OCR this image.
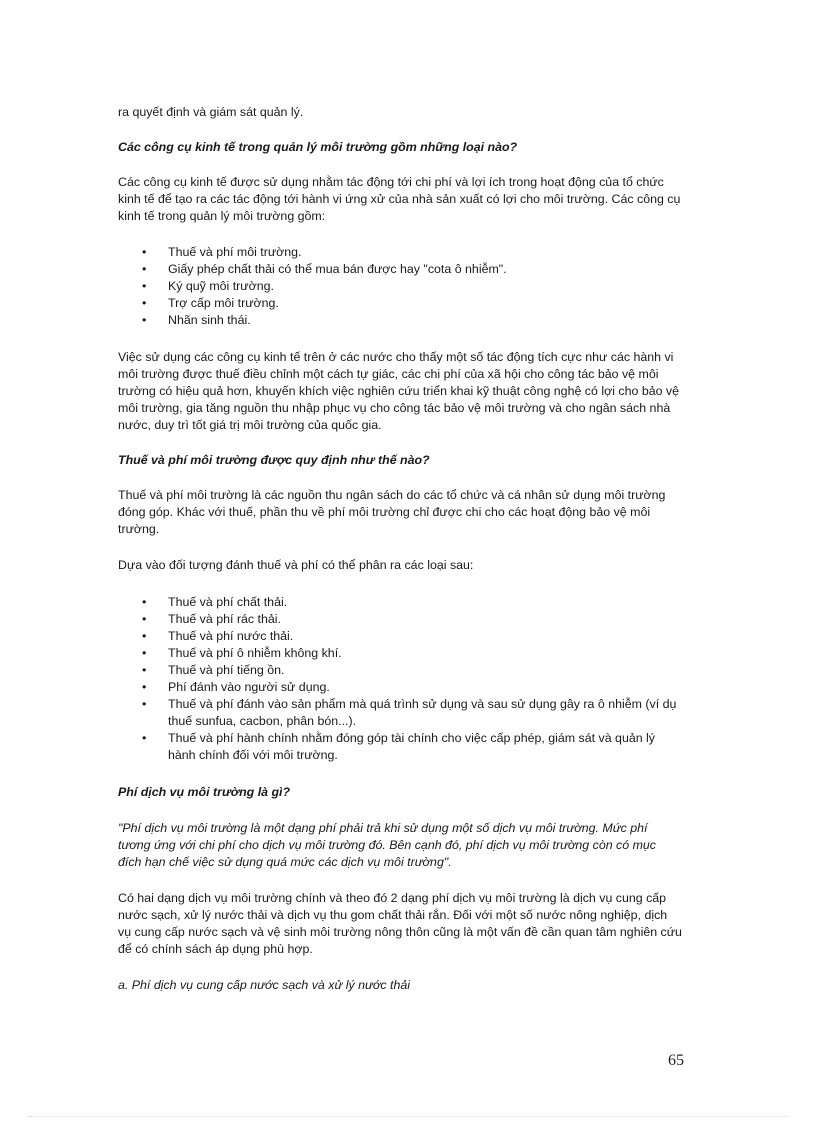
ra quyết định và giám sát quản lý.

Các công cụ kinh tế trong quản lý môi trường gồm những loại nào?

Các công cụ kinh tế được sử dụng nhằm tác động tới chi phí và lợi ích trong hoạt động của tổ chức kinh tế để tạo ra các tác động tới hành vi ứng xử của nhà sản xuất có lợi cho môi trường. Các công cụ kinh tế trong quản lý môi trường gồm:

• Thuế và phí môi trường.
• Giấy phép chất thải có thể mua bán được hay "cota ô nhiễm".
• Ký quỹ môi trường.
• Trợ cấp môi trường.
• Nhãn sinh thái.

Việc sử dụng các công cụ kinh tế trên ở các nước cho thấy một số tác động tích cực như các hành vi môi trường được thuế điều chỉnh một cách tự giác, các chi phí của xã hội cho công tác bảo vệ môi trường có hiệu quả hơn, khuyến khích việc nghiên cứu triển khai kỹ thuật công nghệ có lợi cho bảo vệ môi trường, gia tăng nguồn thu nhập phục vụ cho công tác bảo vệ môi trường và cho ngân sách nhà nước, duy trì tốt giá trị môi trường của quốc gia.

Thuế và phí môi trường được quy định như thế nào?

Thuế và phí môi trường là các nguồn thu ngân sách do các tổ chức và cá nhân sử dụng môi trường đóng góp. Khác với thuế, phần thu về phí môi trường chỉ được chi cho các hoạt động bảo vệ môi trường.

Dựa vào đối tượng đánh thuế và phí có thể phân ra các loại sau:

• Thuế và phí chất thải.
• Thuế và phí rác thải.
• Thuế và phí nước thải.
• Thuế và phí ô nhiễm không khí.
• Thuế và phí tiếng ồn.
• Phí đánh vào người sử dụng.
• Thuế và phí đánh vào sản phẩm mà quá trình sử dụng và sau sử dụng gây ra ô nhiễm (ví dụ thuế sunfua, cacbon, phân bón...).
• Thuế và phí hành chính nhằm đóng góp tài chính cho việc cấp phép, giám sát và quản lý hành chính đối với môi trường.

Phí dịch vụ môi trường là gì?

"Phí dịch vụ môi trường là một dạng phí phải trả khi sử dụng một số dịch vụ môi trường. Mức phí tương ứng với chi phí cho dịch vụ môi trường đó. Bên cạnh đó, phí dịch vụ môi trường còn có mục đích hạn chế việc sử dụng quá mức các dịch vụ môi trường".

Có hai dạng dịch vụ môi trường chính và theo đó 2 dạng phí dịch vụ môi trường là dịch vụ cung cấp nước sạch, xử lý nước thải và dịch vụ thu gom chất thải rắn. Đối với một số nước nông nghiệp, dịch vụ cung cấp nước sạch và vệ sinh môi trường nông thôn cũng là một vấn đề cần quan tâm nghiên cứu để có chính sách áp dụng phù hợp.

a. Phí dịch vụ cung cấp nước sạch và xử lý nước thải

65
